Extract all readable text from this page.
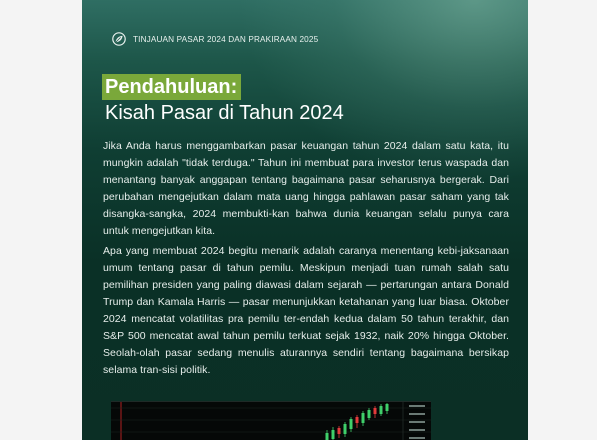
TINJAUAN PASAR 2024 DAN PRAKIRAAN 2025
Pendahuluan:
Kisah Pasar di Tahun 2024

Jika Anda harus menggambarkan pasar keuangan tahun 2024 dalam satu kata, itu mungkin adalah "tidak terduga." Tahun ini membuat para investor terus waspada dan menantang banyak anggapan tentang bagaimana pasar seharusnya bergerak. Dari perubahan mengejutkan dalam mata uang hingga pahlawan pasar saham yang tak disangka-sangka, 2024 membukti-kan bahwa dunia keuangan selalu punya cara untuk mengejutkan kita.

Apa yang membuat 2024 begitu menarik adalah caranya menentang kebi-jaksanaan umum tentang pasar di tahun pemilu. Meskipun menjadi tuan rumah salah satu pemilihan presiden yang paling diawasi dalam sejarah — pertarungan antara Donald Trump dan Kamala Harris — pasar menunjukkan ketahanan yang luar biasa. Oktober 2024 mencatat volatilitas pra pemilu ter-endah kedua dalam 50 tahun terakhir, dan S&P 500 mencatat awal tahun pemilu terkuat sejak 1932, naik 20% hingga Oktober. Seolah-olah pasar sedang menulis aturannya sendiri tentang bagaimana bersikap selama tran-sisi politik.
